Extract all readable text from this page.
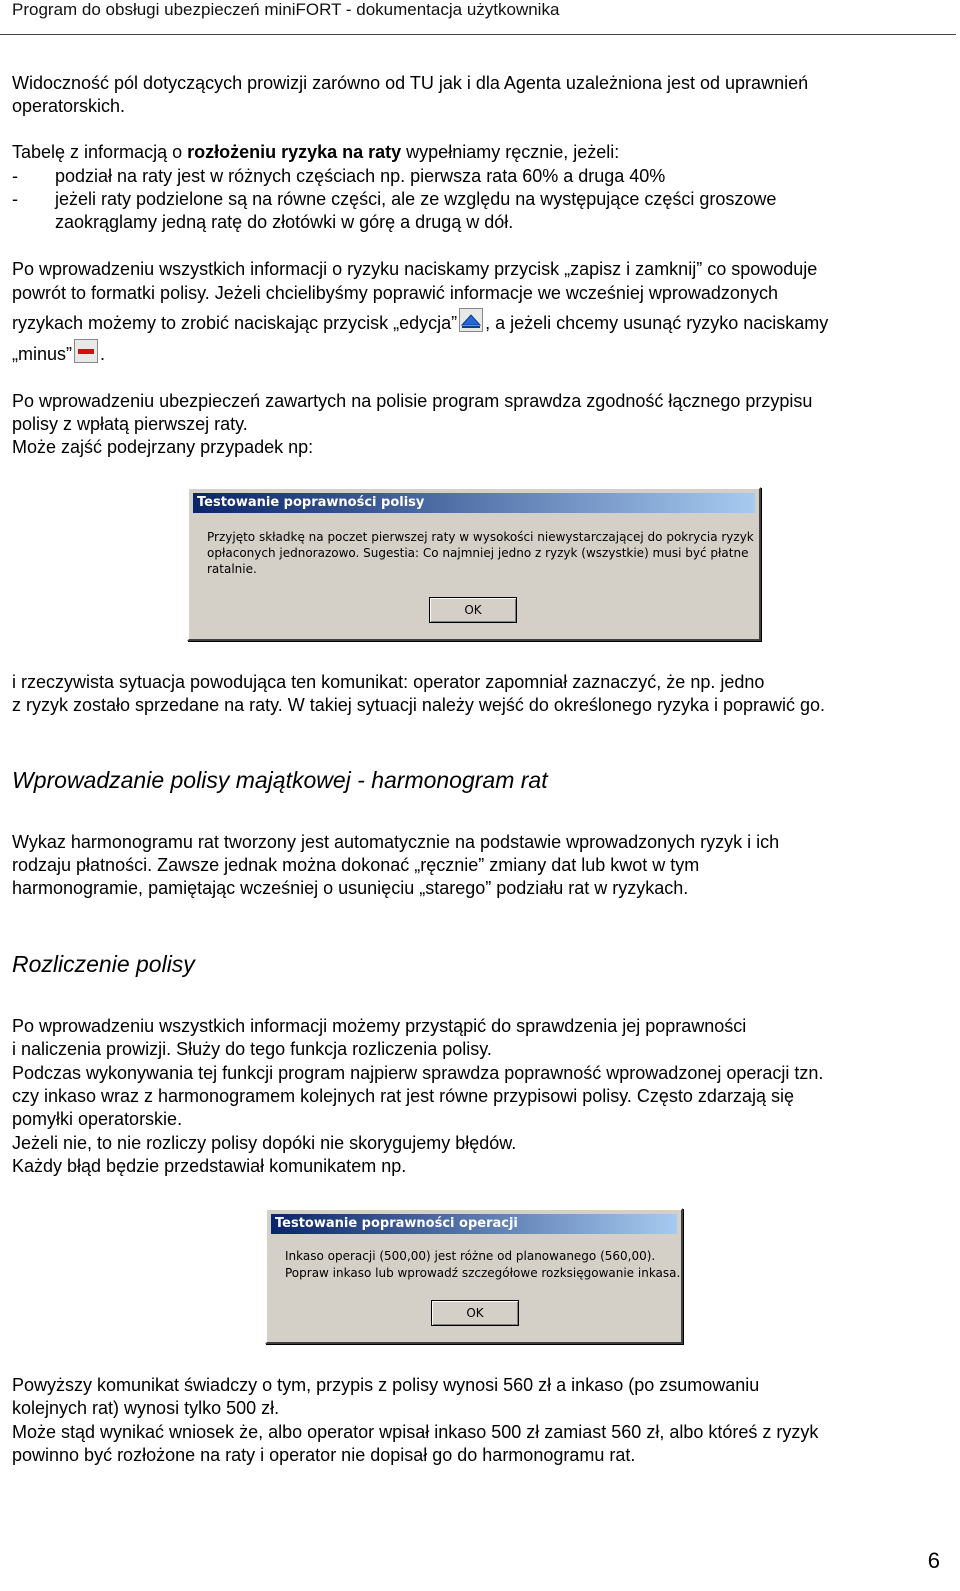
Program do obsługi ubezpieczeń miniFORT - dokumentacja użytkownika
Widoczność pól dotyczących prowizji zarówno od TU jak i dla Agenta uzależniona jest od uprawnień
operatorskich.
Tabelę z informacją o rozłożeniu ryzyka na raty wypełniamy ręcznie, jeżeli:
- podział na raty jest w różnych częściach np. pierwsza rata 60% a druga 40%
- jeżeli raty podzielone są na równe części, ale ze względu na występujące części groszowe
zaokrąglamy jedną ratę do złotówki w górę a drugą w dół.
Po wprowadzeniu wszystkich informacji o ryzyku naciskamy przycisk „zapisz i zamknij” co spowoduje
powrót to formatki polisy. Jeżeli chcielibyśmy poprawić informacje we wcześniej wprowadzonych
ryzykach możemy to zrobić naciskając przycisk „edycja” , a jeżeli chcemy usunąć ryzyko naciskamy
„minus” .
Po wprowadzeniu ubezpieczeń zawartych na polisie program sprawdza zgodność łącznego przypisu
polisy z wpłatą pierwszej raty.
Może zajść podejrzany przypadek np:
Testowanie poprawności polisy
Przyjęto składkę na poczet pierwszej raty w wysokości niewystarczającej do pokrycia ryzyk
opłaconych jednorazowo. Sugestia: Co najmniej jedno z ryzyk (wszystkie) musi być płatne
ratalnie.
OK
i rzeczywista sytuacja powodująca ten komunikat: operator zapomniał zaznaczyć, że np. jedno
z ryzyk zostało sprzedane na raty. W takiej sytuacji należy wejść do określonego ryzyka i poprawić go.
Wprowadzanie polisy majątkowej - harmonogram rat
Wykaz harmonogramu rat tworzony jest automatycznie na podstawie wprowadzonych ryzyk i ich
rodzaju płatności. Zawsze jednak można dokonać „ręcznie” zmiany dat lub kwot w tym
harmonogramie, pamiętając wcześniej o usunięciu „starego” podziału rat w ryzykach.
Rozliczenie polisy
Po wprowadzeniu wszystkich informacji możemy przystąpić do sprawdzenia jej poprawności
i naliczenia prowizji. Służy do tego funkcja rozliczenia polisy.
Podczas wykonywania tej funkcji program najpierw sprawdza poprawność wprowadzonej operacji tzn.
czy inkaso wraz z harmonogramem kolejnych rat jest równe przypisowi polisy. Często zdarzają się
pomyłki operatorskie.
Jeżeli nie, to nie rozliczy polisy dopóki nie skorygujemy błędów.
Każdy błąd będzie przedstawiał komunikatem np.
Testowanie poprawności operacji
Inkaso operacji (500,00) jest różne od planowanego (560,00).
Popraw inkaso lub wprowadź szczegółowe rozksięgowanie inkasa.
OK
Powyższy komunikat świadczy o tym, przypis z polisy wynosi 560 zł a inkaso (po zsumowaniu
kolejnych rat) wynosi tylko 500 zł.
Może stąd wynikać wniosek że, albo operator wpisał inkaso 500 zł zamiast 560 zł, albo któreś z ryzyk
powinno być rozłożone na raty i operator nie dopisał go do harmonogramu rat.
6
